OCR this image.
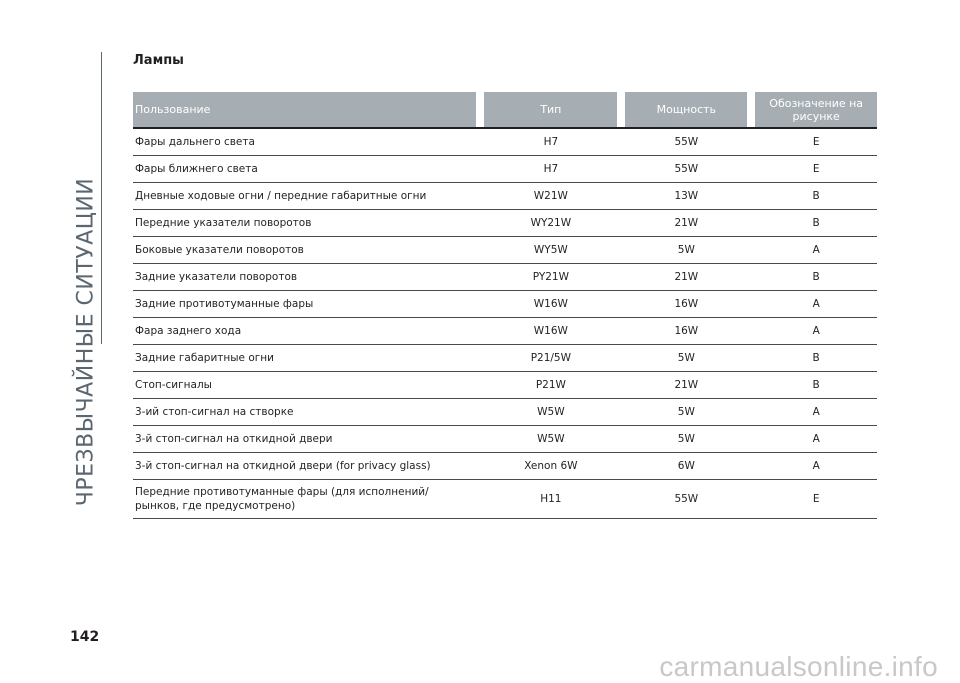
ЧРЕЗВЫЧАЙНЫЕ СИТУАЦИИ
Лампы
Пользование		Тип		Мощность		Обозначение на рисунке
Фары дальнего света		H7		55W		E
Фары ближнего света		H7		55W		E
Дневные ходовые огни / передние габаритные огни		W21W		13W		B
Передние указатели поворотов		WY21W		21W		B
Боковые указатели поворотов		WY5W		5W		A
Задние указатели поворотов		PY21W		21W		B
Задние противотуманные фары		W16W		16W		A
Фара заднего хода		W16W		16W		A
Задние габаритные огни		P21/5W		5W		B
Стоп-сигналы		P21W		21W		B
3-ий стоп-сигнал на створке		W5W		5W		A
3-й стоп-сигнал на откидной двери		W5W		5W		A
3-й стоп-сигнал на откидной двери (for privacy glass)		Xenon 6W		6W		A
Передние противотуманные фары (для исполнений/рынков, где предусмотрено)		H11		55W		E
142
carmanualsonline.info
